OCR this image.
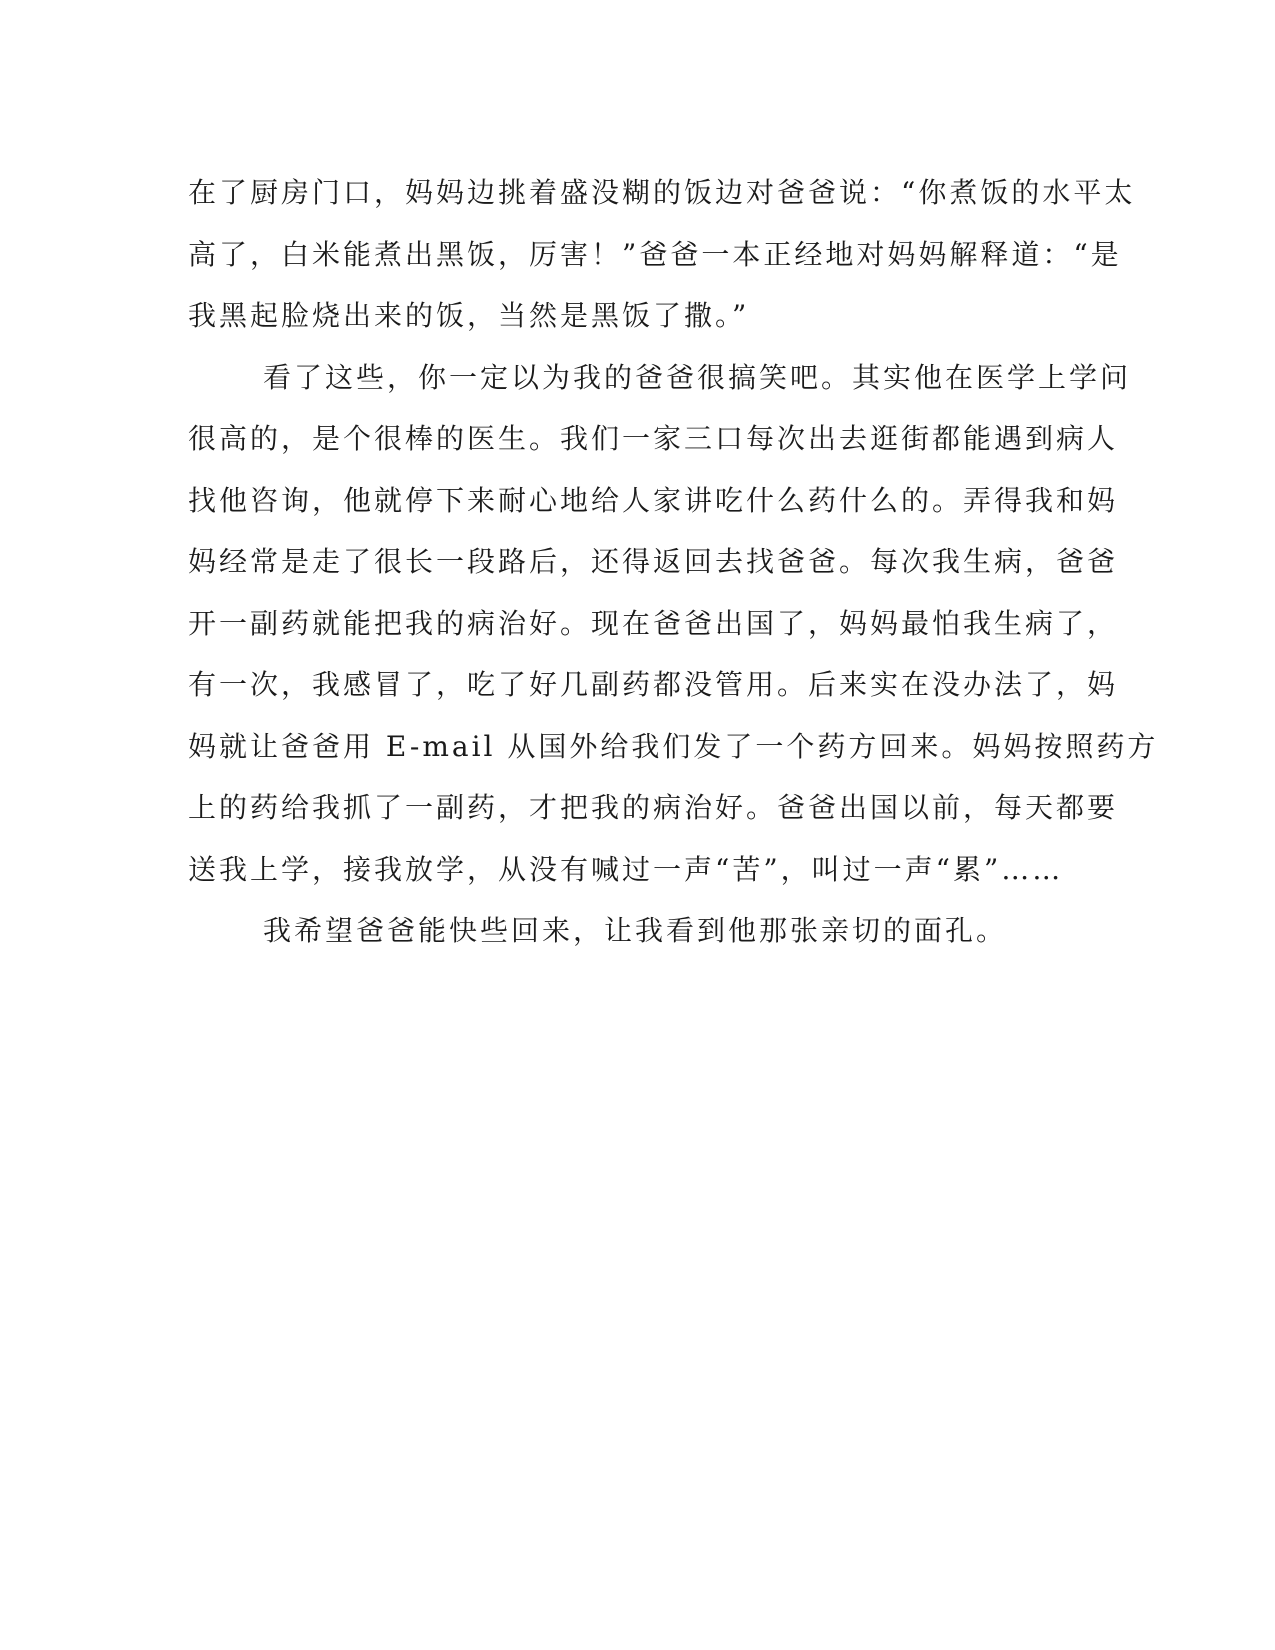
在了厨房门口，妈妈边挑着盛没糊的饭边对爸爸说：“你煮饭的水平太
高了，白米能煮出黑饭，厉害！”爸爸一本正经地对妈妈解释道：“是
我黑起脸烧出来的饭，当然是黑饭了撒。”
看了这些，你一定以为我的爸爸很搞笑吧。其实他在医学上学问
很高的，是个很棒的医生。我们一家三口每次出去逛街都能遇到病人
找他咨询，他就停下来耐心地给人家讲吃什么药什么的。弄得我和妈
妈经常是走了很长一段路后，还得返回去找爸爸。每次我生病，爸爸
开一副药就能把我的病治好。现在爸爸出国了，妈妈最怕我生病了，
有一次，我感冒了，吃了好几副药都没管用。后来实在没办法了，妈
妈就让爸爸用 E-mail 从国外给我们发了一个药方回来。妈妈按照药方
上的药给我抓了一副药，才把我的病治好。爸爸出国以前，每天都要
送我上学，接我放学，从没有喊过一声“苦”，叫过一声“累”……
我希望爸爸能快些回来，让我看到他那张亲切的面孔。
